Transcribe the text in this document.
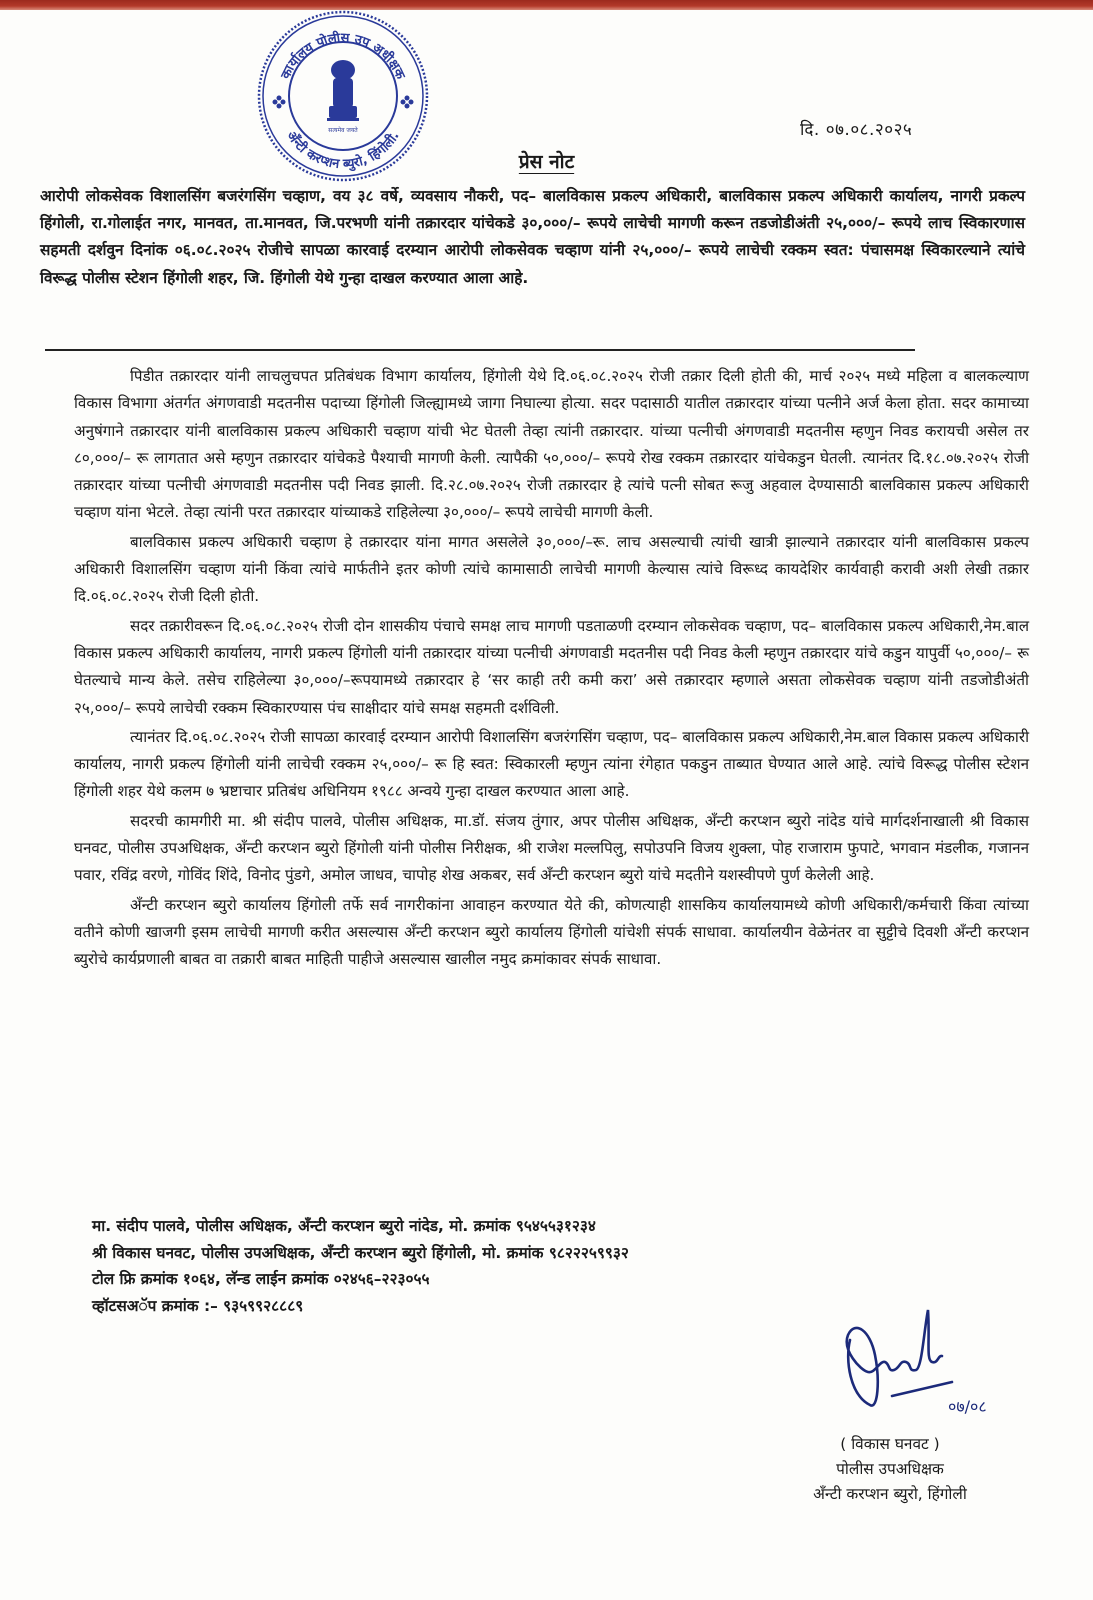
कार्यालय पोलीस उप अधीक्षक
अँन्टी करप्शन ब्युरो, हिंगोली.
सत्यमेव जयते	दि. ०७.०८.२०२५
प्रेस नोट
आरोपी लोकसेवक विशालसिंग बजरंगसिंग चव्हाण, वय ३८ वर्षे, व्यवसाय नौकरी, पद– बालविकास प्रकल्प अधिकारी, बालविकास प्रकल्प अधिकारी कार्यालय, नागरी प्रकल्प हिंगोली, रा.गोलाईत नगर, मानवत, ता.मानवत, जि.परभणी यांनी तक्रारदार यांचेकडे ३०,०००/– रूपये लाचेची मागणी करून तडजोडीअंती २५,०००/– रूपये लाच स्विकारणास सहमती दर्शवुन दिनांक ०६.०८.२०२५ रोजीचे सापळा कारवाई दरम्यान आरोपी लोकसेवक चव्हाण यांनी २५,०००/– रूपये लाचेची रक्कम स्वत: पंचासमक्ष स्विकारल्याने त्यांचे विरूद्ध पोलीस स्टेशन हिंगोली शहर, जि. हिंगोली येथे गुन्हा दाखल करण्यात आला आहे.

पिडीत तक्रारदार यांनी लाचलुचपत प्रतिबंधक विभाग कार्यालय, हिंगोली येथे दि.०६.०८.२०२५ रोजी तक्रार दिली होती की, मार्च २०२५ मध्ये महिला व बालकल्याण विकास विभागा अंतर्गत अंगणवाडी मदतनीस पदाच्या हिंगोली जिल्ह्यामध्ये जागा निघाल्या होत्या. सदर पदासाठी यातील तक्रारदार यांच्या पत्नीने अर्ज केला होता. सदर कामाच्या अनुषंगाने तक्रारदार यांनी बालविकास प्रकल्प अधिकारी चव्हाण यांची भेट घेतली तेव्हा त्यांनी तक्रारदार. यांच्या पत्नीची अंगणवाडी मदतनीस म्हणुन निवड करायची असेल तर ८०,०००/– रू लागतात असे म्हणुन तक्रारदार यांचेकडे पैश्याची मागणी केली. त्यापैकी ५०,०००/– रूपये रोख रक्कम तक्रारदार यांचेकडुन घेतली. त्यानंतर दि.१८.०७.२०२५ रोजी तक्रारदार यांच्या पत्नीची अंगणवाडी मदतनीस पदी निवड झाली. दि.२८.०७.२०२५ रोजी तक्रारदार हे त्यांचे पत्नी सोबत रूजु अहवाल देण्यासाठी बालविकास प्रकल्प अधिकारी चव्हाण यांना भेटले. तेव्हा त्यांनी परत तक्रारदार यांच्याकडे राहिलेल्या ३०,०००/– रूपये लाचेची मागणी केली.

बालविकास प्रकल्प अधिकारी चव्हाण हे तक्रारदार यांना मागत असलेले ३०,०००/–रू. लाच असल्याची त्यांची खात्री झाल्याने तक्रारदार यांनी बालविकास प्रकल्प अधिकारी विशालसिंग चव्हाण यांनी किंवा त्यांचे मार्फतीने इतर कोणी त्यांचे कामासाठी लाचेची मागणी केल्यास त्यांचे विरूध्द कायदेशिर कार्यवाही करावी अशी लेखी तक्रार दि.०६.०८.२०२५ रोजी दिली होती.

सदर तक्रारीवरून दि.०६.०८.२०२५ रोजी दोन शासकीय पंचाचे समक्ष लाच मागणी पडताळणी दरम्यान लोकसेवक चव्हाण, पद– बालविकास प्रकल्प अधिकारी,नेम.बाल विकास प्रकल्प अधिकारी कार्यालय, नागरी प्रकल्प हिंगोली यांनी तक्रारदार यांच्या पत्नीची अंगणवाडी मदतनीस पदी निवड केली म्हणुन तक्रारदार यांचे कडुन यापुर्वी ५०,०००/– रू घेतल्याचे मान्य केले. तसेच राहिलेल्या ३०,०००/–रूपयामध्ये तक्रारदार हे ‘सर काही तरी कमी करा’ असे तक्रारदार म्हणाले असता लोकसेवक चव्हाण यांनी तडजोडीअंती २५,०००/– रूपये लाचेची रक्कम स्विकारण्यास पंच साक्षीदार यांचे समक्ष सहमती दर्शविली.

त्यानंतर दि.०६.०८.२०२५ रोजी सापळा कारवाई दरम्यान आरोपी विशालसिंग बजरंगसिंग चव्हाण, पद– बालविकास प्रकल्प अधिकारी,नेम.बाल विकास प्रकल्प अधिकारी कार्यालय, नागरी प्रकल्प हिंगोली यांनी लाचेची रक्कम २५,०००/– रू हि स्वत: स्विकारली म्हणुन त्यांना रंगेहात पकडुन ताब्यात घेण्यात आले आहे. त्यांचे विरूद्ध पोलीस स्टेशन हिंगोली शहर येथे कलम ७ भ्रष्टाचार प्रतिबंध अधिनियम १९८८ अन्वये गुन्हा दाखल करण्यात आला आहे.

सदरची कामगीरी मा. श्री संदीप पालवे, पोलीस अधिक्षक, मा.डॉ. संजय तुंगार, अपर पोलीस अधिक्षक, अँन्टी करप्शन ब्युरो नांदेड यांचे मार्गदर्शनाखाली श्री विकास घनवट, पोलीस उपअधिक्षक, अँन्टी करप्शन ब्युरो हिंगोली यांनी पोलीस निरीक्षक, श्री राजेश मल्लपिलु, सपोउपनि विजय शुक्ला, पोह राजाराम फुपाटे, भगवान मंडलीक, गजानन पवार, रविंद्र वरणे, गोविंद शिंदे, विनोद पुंडगे, अमोल जाधव, चापोह शेख अकबर, सर्व अँन्टी करप्शन ब्युरो यांचे मदतीने यशस्वीपणे पुर्ण केलेली आहे.

अँन्टी करप्शन ब्युरो कार्यालय हिंगोली तर्फे सर्व नागरीकांना आवाहन करण्यात येते की, कोणत्याही शासकिय कार्यालयामध्ये कोणी अधिकारी/कर्मचारी किंवा त्यांच्या वतीने कोणी खाजगी इसम लाचेची मागणी करीत असल्यास अँन्टी करप्शन ब्युरो कार्यालय हिंगोली यांचेशी संपर्क साधावा. कार्यालयीन वेळेनंतर वा सुट्टीचे दिवशी अँन्टी करप्शन ब्युरोचे कार्यप्रणाली बाबत वा तक्रारी बाबत माहिती पाहीजे असल्यास खालील नमुद क्रमांकावर संपर्क साधावा.

मा. संदीप पालवे, पोलीस अधिक्षक, अँन्टी करप्शन ब्युरो नांदेड, मो. क्रमांक ९५४५५३१२३४
श्री विकास घनवट, पोलीस उपअधिक्षक, अँन्टी करप्शन ब्युरो हिंगोली, मो. क्रमांक ९८२२२५९९३२
टोल फ्रि क्रमांक १०६४, लॅन्ड लाईन क्रमांक ०२४५६–२२३०५५
व्हॉटसअॅप क्रमांक :– ९३५९९२८८८९
०७/०८
( विकास घनवट )
पोलीस उपअधिक्षक
अँन्टी करप्शन ब्युरो, हिंगोली
